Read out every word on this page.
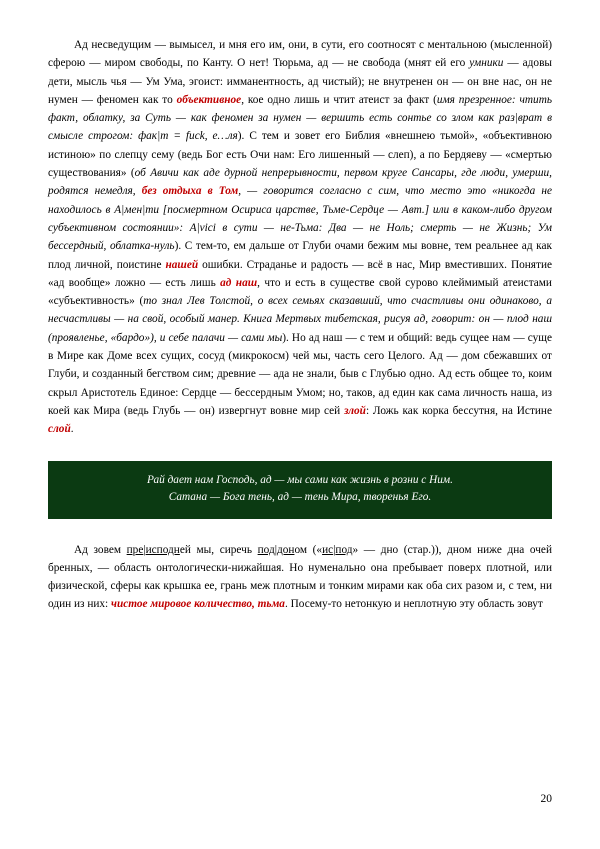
Ад несведущим — вымысел, и мня его им, они, в сути, его соотносят с ментальною (мысленной) сферою — миром свободы, по Канту. О нет! Тюрьма, ад — не свобода (мнят ей его умники — адовы дети, мысль чья — Ум Ума, эгоист: имманентность, ад чистый); не внутренен он — он вне нас, он не нумен — феномен как то объективное, кое одно лишь и чтит атеист за факт (имя презренное: чтить факт, облатку, за Суть — как феномен за нумен — вершить есть сонтье со злом как раз|врат в смысле строгом: фак|т = fuck, е…ля). С тем и зовет его Библия «внешнею тьмой», «объективною истиною» по слепцу сему (ведь Бог есть Очи нам: Его лишенный — слеп), а по Бердяеву — «смертью существования» (об Авичи как аде дурной непрерывности, первом круге Сансары, где люди, умерши, родятся немедля, без отдыха в Том, — говорится согласно с сим, что место это «никогда не находилось в А|мен|ти [посмертном Осириса царстве, Тьме-Сердце — Авт.] или в каком-либо другом субъективном состоянии»: А|vici в сути — не-Тьма: Два — не Ноль; смерть — не Жизнь; Ум бессердный, облатка-нуль). С тем-то, ем дальше от Глуби очами бежим мы вовне, тем реальнее ад как плод личной, поистине нашей ошибки. Страданье и радость — всё в нас, Мир вместивших. Понятие «ад вообще» ложно — есть лишь ад наш, что и есть в существе свой сурово клеймимый атеистами «субъективность» (то знал Лев Толстой, о всех семьях сказавший, что счастливы они одинаково, а несчастливы — на свой, особый манер. Книга Мертвых тибетская, рисуя ад, говорит: он — плод наш (проявленье, «бардо»), и себе палачи — сами мы). Но ад наш — с тем и общий: ведь сущее нам — суще в Мире как Доме всех сущих, сосуд (микрокосм) чей мы, часть сего Целого. Ад — дом сбежавших от Глуби, и созданный бегством сим; древние — ада не знали, быв с Глубью одно. Ад есть общее то, коим скрыл Аристотель Единое: Сердце — бессердным Умом; но, таков, ад един как сама личность наша, из коей как Мира (ведь Глубь — он) извергнут вовне мир сей злой: Ложь как корка бессутня, на Истине слой.

Рай дает нам Господь, ад — мы сами как жизнь в розни с Ним.
Сатана — Бога тень, ад — тень Мира, творенья Его.

Ад зовем пре|исподней мы, сиречь под|доном («ис|под» — дно (стар.)), дном ниже дна очей бренных, — область онтологически-нижайшая. Но нуменально она пребывает поверх плотной, или физической, сферы как крышка ее, грань меж плотным и тонким мирами как оба сих разом и, с тем, ни один из них: чистое мировое количество, тьма. Посему-то нетонкую и неплотную эту область зовут

20
